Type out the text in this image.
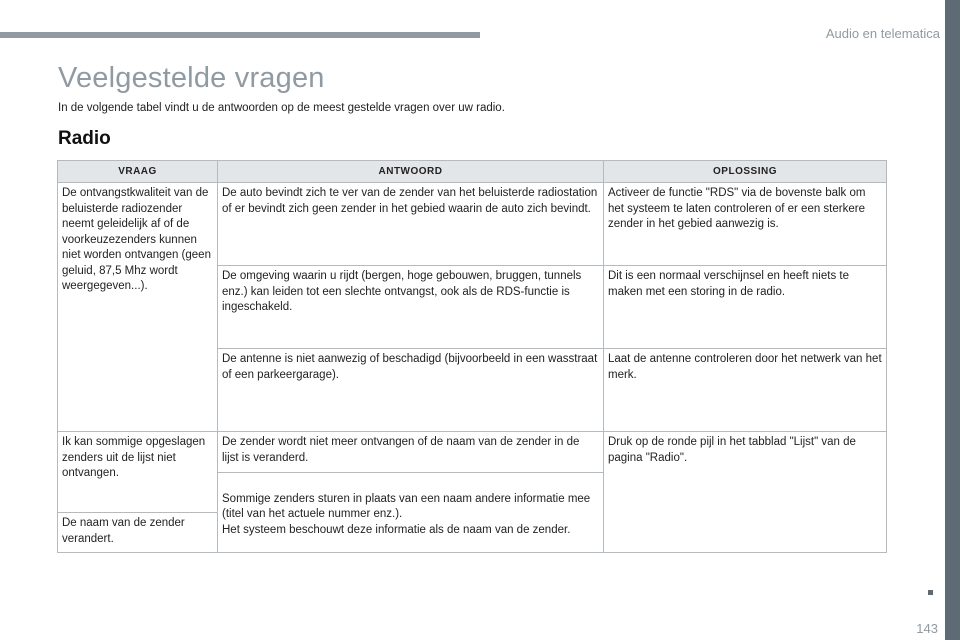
Audio en telematica
Veelgestelde vragen

In de volgende tabel vindt u de antwoorden op de meest gestelde vragen over uw radio.

Radio
VRAAG	ANTWOORD	OPLOSSING
De ontvangstkwaliteit van de beluisterde radiozender neemt geleidelijk af of de voorkeuzezenders kunnen niet worden ontvangen (geen geluid, 87,5 Mhz wordt weergegeven...).	De auto bevindt zich te ver van de zender van het beluisterde radiostation of er bevindt zich geen zender in het gebied waarin de auto zich bevindt.	Activeer de functie "RDS" via de bovenste balk om het systeem te laten controleren of er een sterkere zender in het gebied aanwezig is.
	De omgeving waarin u rijdt (bergen, hoge gebouwen, bruggen, tunnels enz.) kan leiden tot een slechte ontvangst, ook als de RDS-functie is ingeschakeld.	Dit is een normaal verschijnsel en heeft niets te maken met een storing in de radio.
	De antenne is niet aanwezig of beschadigd (bijvoorbeeld in een wasstraat of een parkeergarage).	Laat de antenne controleren door het netwerk van het merk.
Ik kan sommige opgeslagen zenders uit de lijst niet ontvangen.	De zender wordt niet meer ontvangen of de naam van de zender in de lijst is veranderd.	Druk op de ronde pijl in het tabblad "Lijst" van de pagina "Radio".
	Sommige zenders sturen in plaats van een naam andere informatie mee (titel van het actuele nummer enz.).
Het systeem beschouwt deze informatie als de naam van de zender.	
De naam van de zender verandert.		
143
